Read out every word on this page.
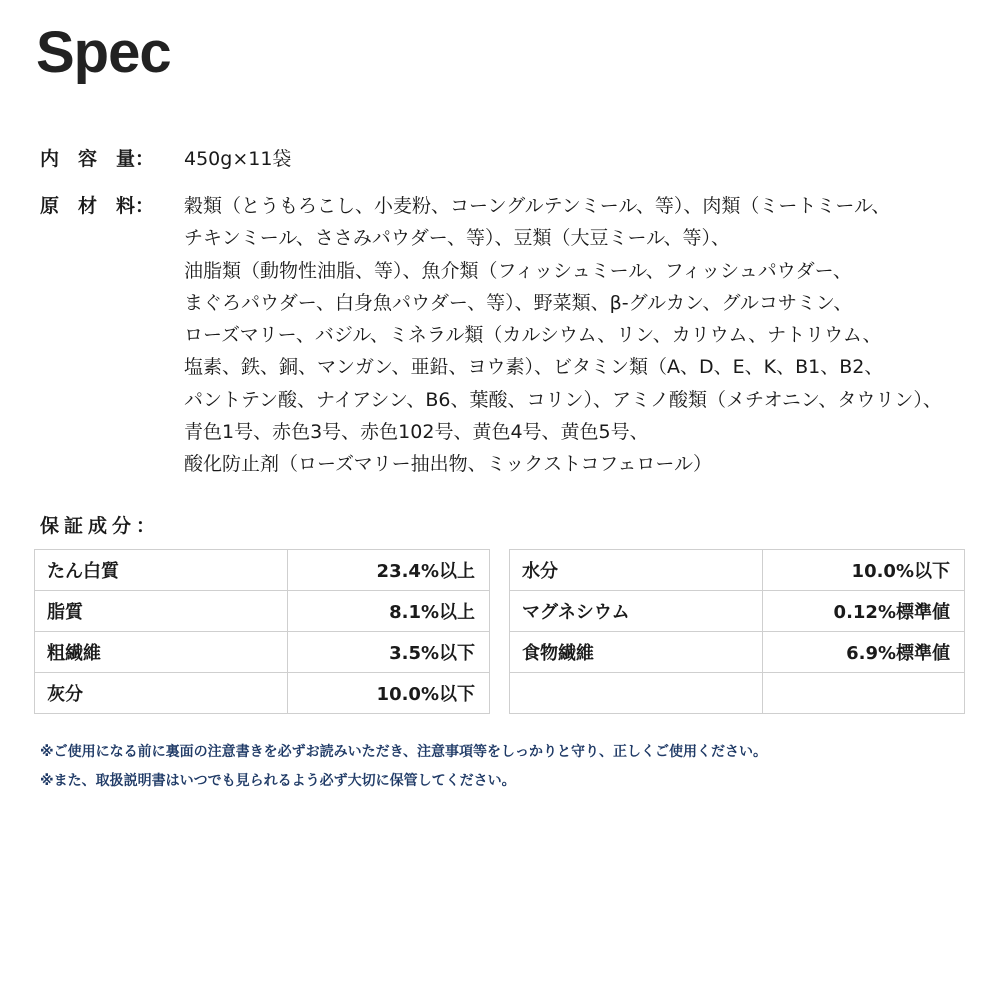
Spec
内　容　量：	450g×11袋
原　材　料：	穀類（とうもろこし、小麦粉、コーングルテンミール、等）、肉類（ミートミール、
チキンミール、ささみパウダー、等）、豆類（大豆ミール、等）、
油脂類（動物性油脂、等）、魚介類（フィッシュミール、フィッシュパウダー、
まぐろパウダー、白身魚パウダー、等）、野菜類、β-グルカン、グルコサミン、
ローズマリー、バジル、ミネラル類（カルシウム、リン、カリウム、ナトリウム、
塩素、鉄、銅、マンガン、亜鉛、ヨウ素）、ビタミン類（A、D、E、K、B1、B2、
パントテン酸、ナイアシン、B6、葉酸、コリン）、アミノ酸類（メチオニン、タウリン）、
青色1号、赤色3号、赤色102号、黄色4号、黄色5号、
酸化防止剤（ローズマリー抽出物、ミックストコフェロール）
保証成分：
たん白質	23.4%以上
脂質	8.1%以上
粗繊維	3.5%以下
灰分	10.0%以下
水分	10.0%以下
マグネシウム	0.12%標準値
食物繊維	6.9%標準値

※ご使用になる前に裏面の注意書きを必ずお読みいただき、注意事項等をしっかりと守り、正しくご使用ください。
※また、取扱説明書はいつでも見られるよう必ず大切に保管してください。
